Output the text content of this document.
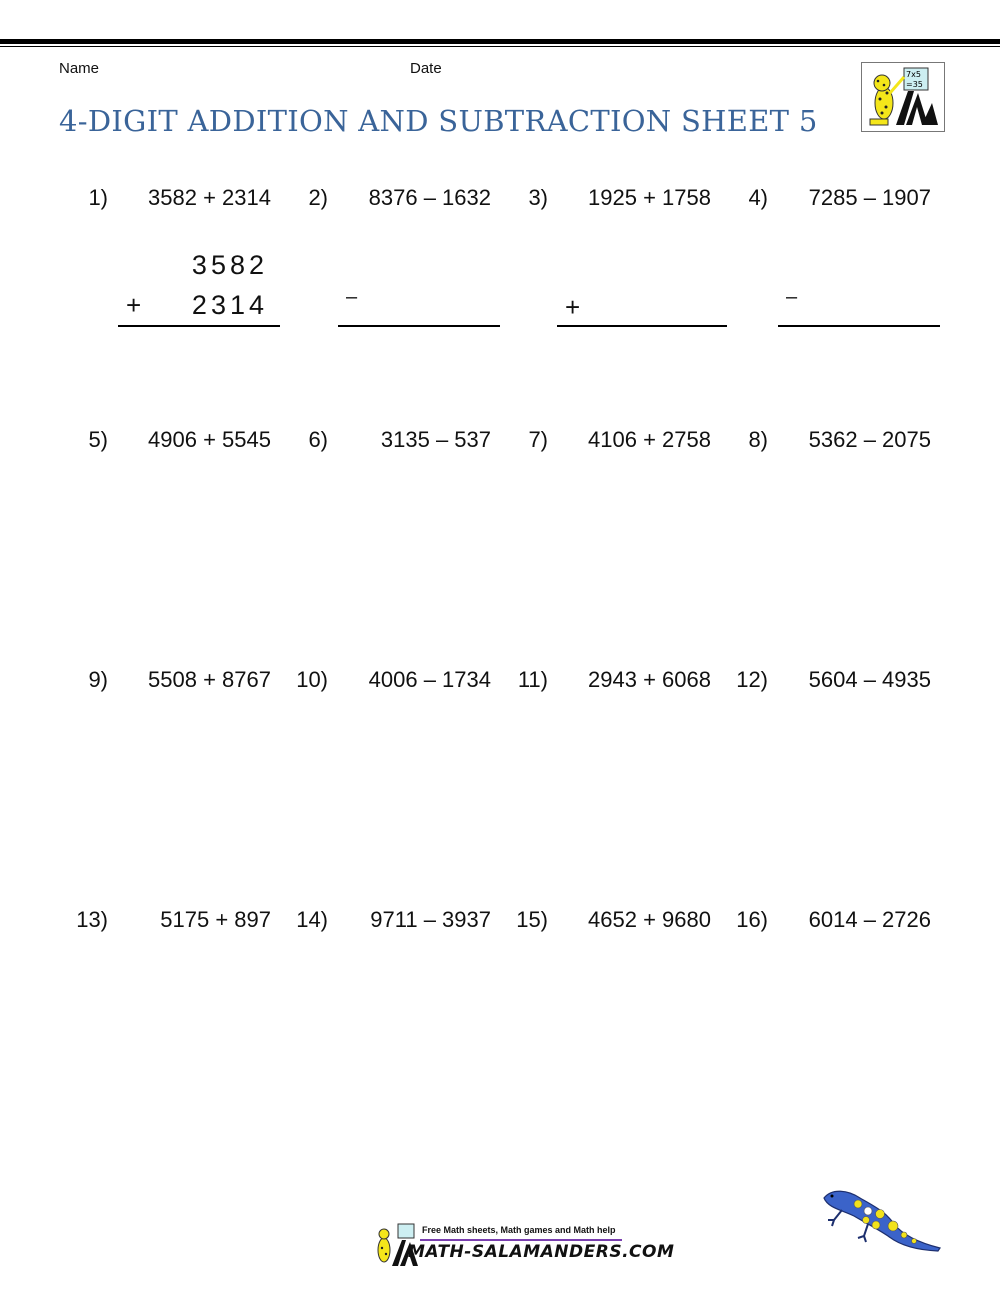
Name	Date
4-DIGIT ADDITION AND SUBTRACTION SHEET 5
7x5
=35
1)	3582 + 2314	2)	8376 – 1632	3)	1925 + 1758	4)	7285 – 1907
3582
+ 2314	–	+	–
5)	4906 + 5545	6)	3135 – 537	7)	4106 + 2758	8)	5362 – 2075
9)	5508 + 8767	10)	4006 – 1734	11)	2943 + 6068	12)	5604 – 4935
13)	5175 + 897	14)	9711 – 3937	15)	4652 + 9680	16)	6014 – 2726
Free Math sheets, Math games and Math help
MATH-SALAMANDERS.COM
